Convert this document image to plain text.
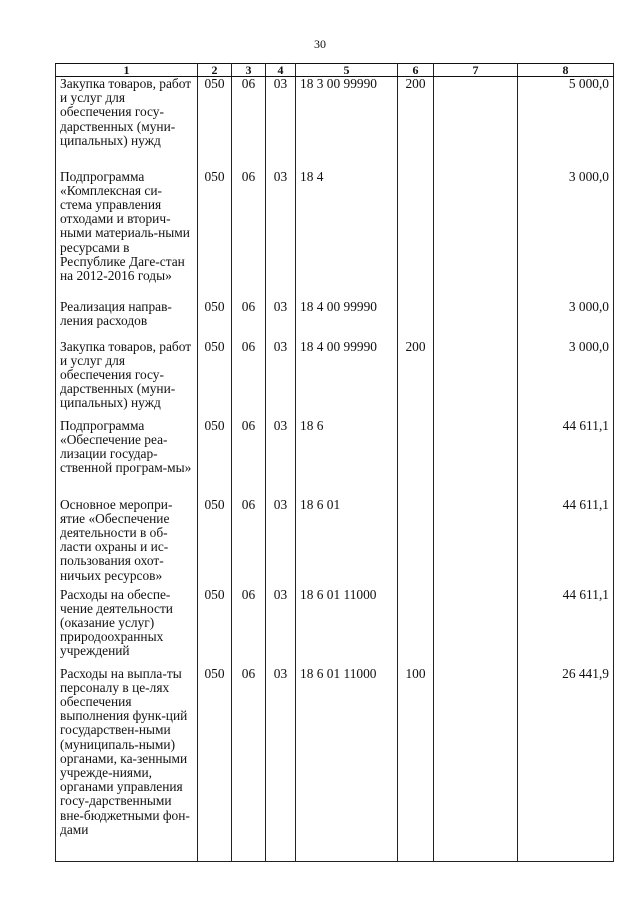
30
1	2	3	4	5	6	7	8
Закупка товаров, работ и услуг для обеспечения госу-дарственных (муни-ципальных) нужд	050	06	03	18 3 00 99990	200		5 000,0
Подпрограмма «Комплексная си-стема управления отходами и вторич-ными материаль-ными ресурсами в Республике Даге-стан на 2012-2016 годы»	050	06	03	18 4			3 000,0
Реализация направ-ления расходов	050	06	03	18 4 00 99990			3 000,0
Закупка товаров, работ и услуг для обеспечения госу-дарственных (муни-ципальных) нужд	050	06	03	18 4 00 99990	200		3 000,0
Подпрограмма «Обеспечение реа-лизации государ-ственной програм-мы»	050	06	03	18 6			44 611,1
Основное меропри-ятие «Обеспечение деятельности в об-ласти охраны и ис-пользования охот-ничьих ресурсов»	050	06	03	18 6 01			44 611,1
Расходы на обеспе-чение деятельности (оказание услуг) природоохранных учреждений	050	06	03	18 6 01 11000			44 611,1
Расходы на выпла-ты персоналу в це-лях обеспечения выполнения функ-ций государствен-ными (муниципаль-ными) органами, ка-зенными учрежде-ниями, органами управления госу-дарственными вне-бюджетными фон-дами	050	06	03	18 6 01 11000	100		26 441,9
